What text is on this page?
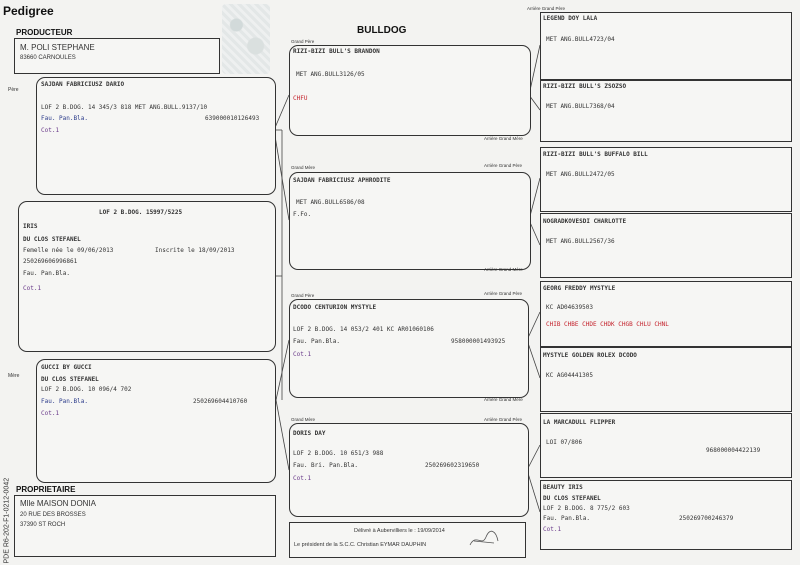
Pedigree
BULLDOG
PRODUCTEUR
M. POLI STEPHANE
83660 CARNOULES
Père
SAJDAN FABRICIUSZ DARIO
LOF 2 B.DOG. 14 345/3 818 MET ANG.BULL.9137/10
Fau. Pan.Bla.	639000010126493
Cot.1
LOF 2 B.DOG. 15997/5225
IRIS
DU CLOS STEFANEL
Femelle née le 09/06/2013	Inscrite le 18/09/2013
250269606996861
Fau. Pan.Bla.
Cot.1
Mère
GUCCI BY GUCCI
DU CLOS STEFANEL
LOF 2 B.DOG. 10 096/4 702
Fau. Pan.Bla.	250269604410760
Cot.1
PROPRIETAIRE
Mlle MAISON DONIA
20 RUE DES BROSSES
37390 ST ROCH
PDE R6-202-F1-0212-0042
Grand Père
Grand Mère
Grand Père
Grand Mère
RIZI-BIZI BULL'S BRANDON
MET ANG.BULL3126/05
CHFU
Arrière Grand Mère
SAJDAN FABRICIUSZ APHRODITE
MET ANG.BULL6586/08
F.Fo.
Arrière Grand Père
Arrière Grand Mère
DCODO CENTURION MYSTYLE
LOF 2 B.DOG. 14 053/2 401 KC AR01060106
Fau. Pan.Bla.	958000001493925
Cot.1
Arrière Grand Père
Arrière Grand Mère
DORIS DAY
LOF 2 B.DOG. 10 651/3 988
Fau. Bri. Pan.Bla.	250269602319650
Cot.1
Arrière Grand Père
Délivré à Aubervilliers le : 19/09/2014
Le président de la S.C.C. Christian EYMAR DAUPHIN
Arrière Grand Père
LEGEND DOY LALA
MET ANG.BULL4723/04
RIZI-BIZI BULL'S ZSOZSO
MET ANG.BULL7368/04
RIZI-BIZI BULL'S BUFFALO BILL
MET ANG.BULL2472/05
NOGRADKOVESDI CHARLOTTE
MET ANG.BULL2567/36
GEORG FREDDY MYSTYLE
KC AD04639503
CHIB CHBE CHDE CHDK CHGB CHLU CHNL
MYSTYLE GOLDEN ROLEX DCODO
KC AG04441305
LA MARCADULL FLIPPER
LOI 07/806
968000004422139
BEAUTY IRIS
DU CLOS STEFANEL
LOF 2 B.DOG. 8 775/2 603
Fau. Pan.Bla.	250269700246379
Cot.1
